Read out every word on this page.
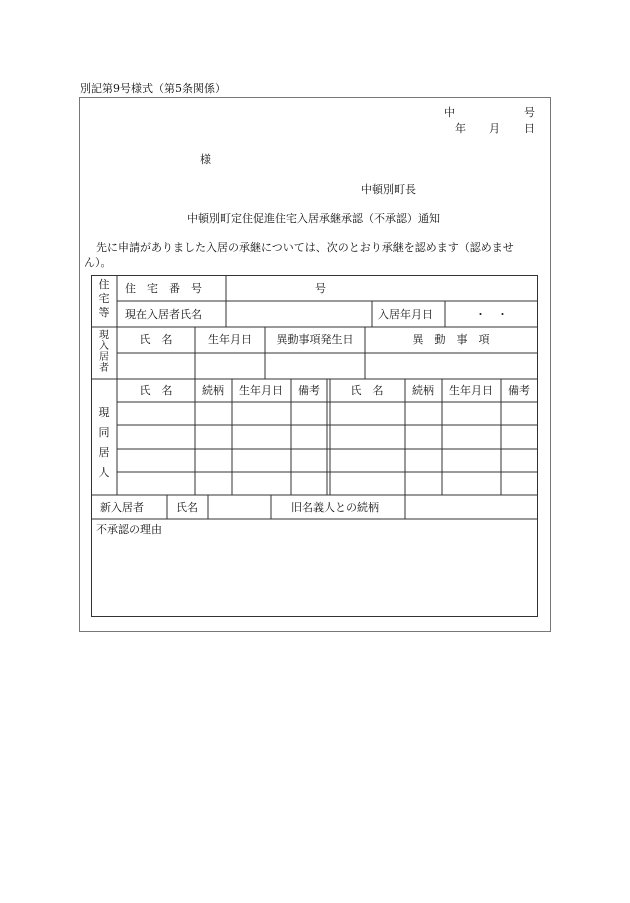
別記第9号様式（第5条関係）
中	号
年 月 日
様
中頓別町長
中頓別町定住促進住宅入居承継承認（不承認）通知
先に申請がありました入居の承継については、次のとおり承継を認めます（認めませ
ん）。
住宅等
住　宅　番　号	号
現在入居者氏名	入居年月日	・　・
現入居者
氏　名	生年月日 異動事項発生日	異　動　事　項
現同居人
氏　名	続柄 生年月日 備考	氏　名	続柄 生年月日 備考
新入居者	氏名	旧名義人との続柄
不承認の理由
